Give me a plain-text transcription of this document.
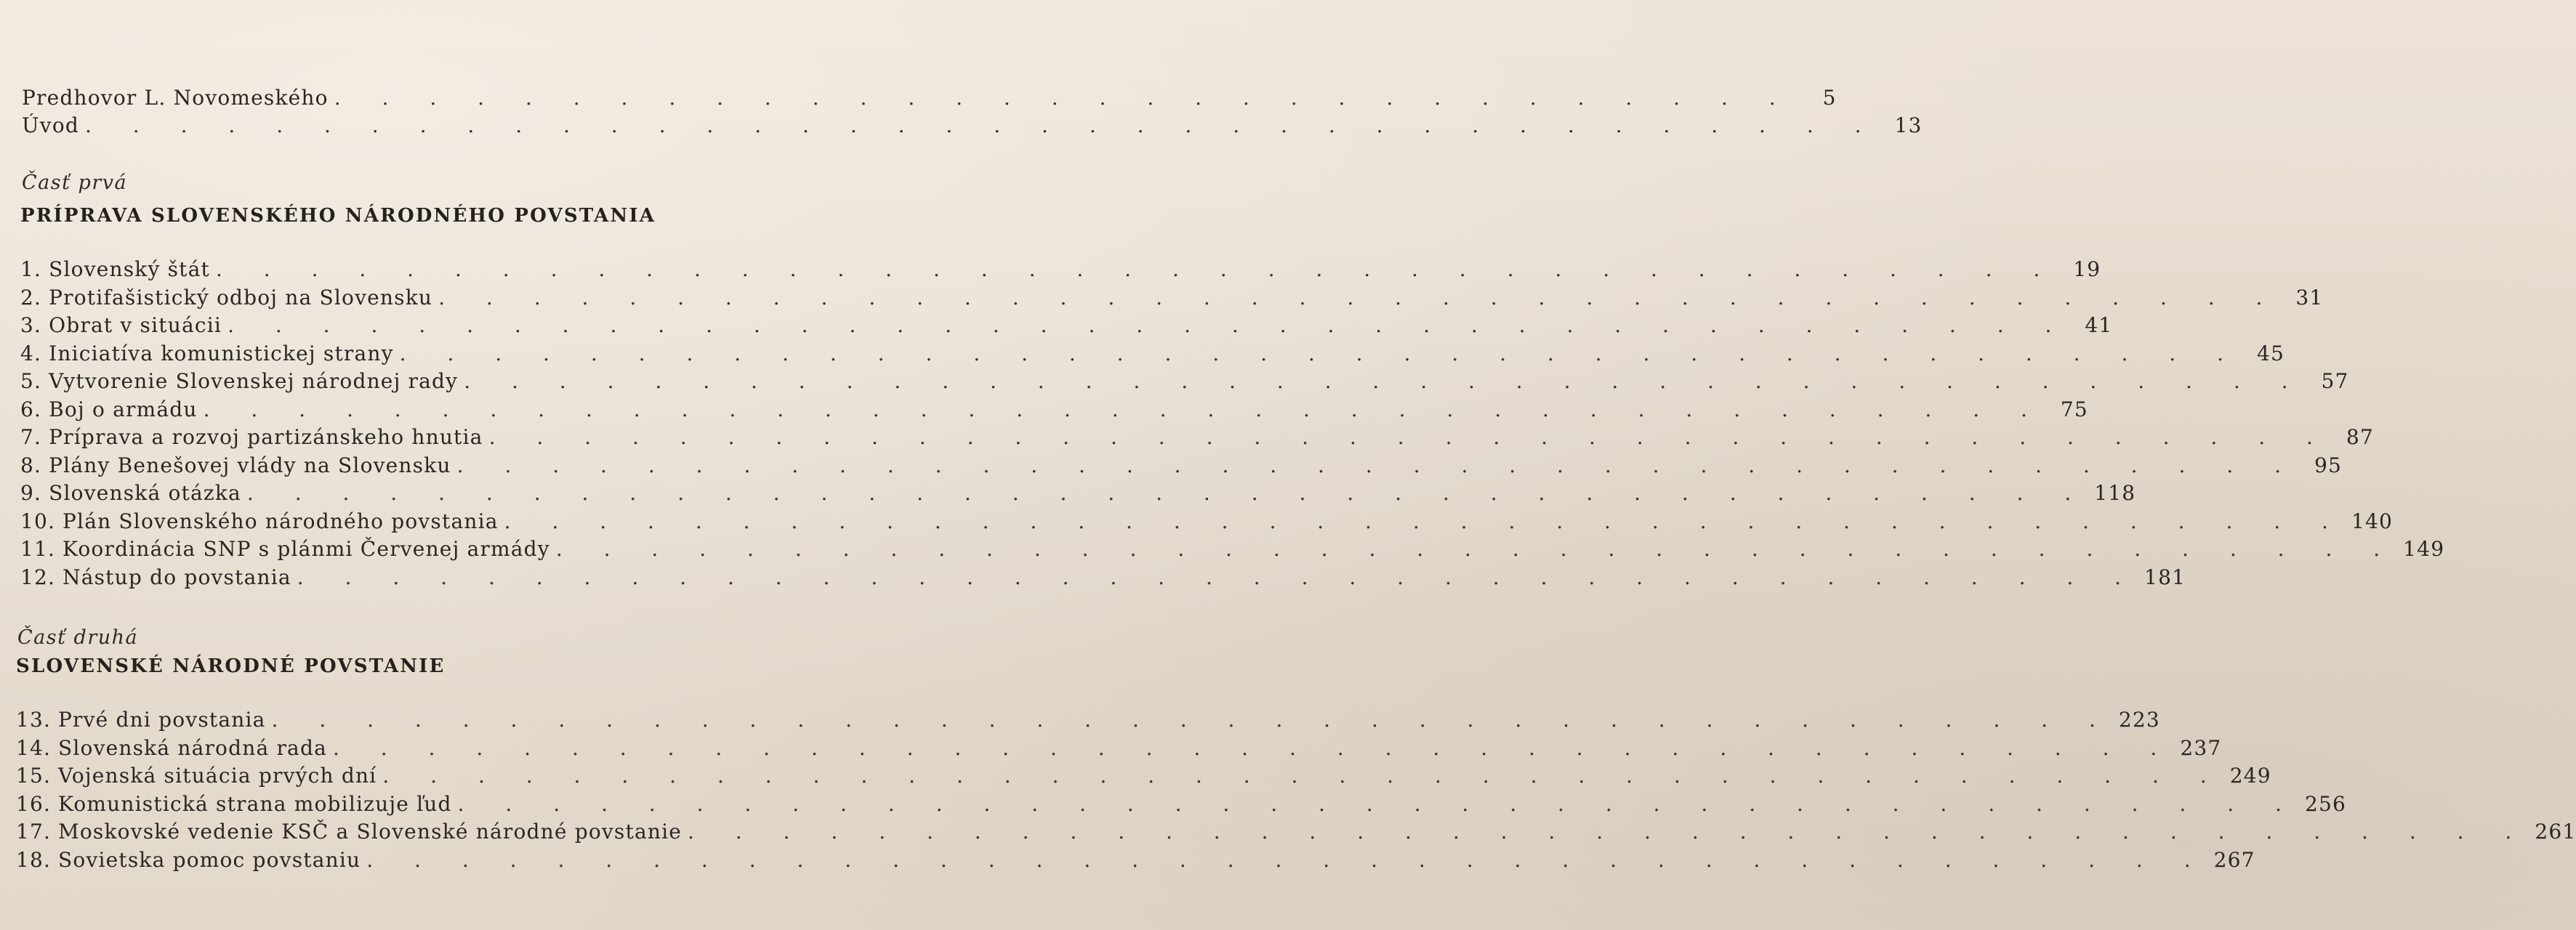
Predhovor L. Novomeského . . . . . . . . . . . . . . . . . . . . . . . . . . . . . . .	5
Úvod . . . . . . . . . . . . . . . . . . . . . . . . . . . . . . . . . . . . . . 13
Časť prvá
PRÍPRAVA SLOVENSKÉHO NÁRODNÉHO POVSTANIA
1. Slovenský štát . . . . . . . . . . . . . . . . . . . . . . . . . . . . . . . . . . . . . . . 19
2. Protifašistický odboj na Slovensku . . . . . . . . . . . . . . . . . . . . . . . . . . . . . . . . . . . . . . . 31
3. Obrat v situácii . . . . . . . . . . . . . . . . . . . . . . . . . . . . . . . . . . . . . . . 41
4. Iniciatíva komunistickej strany . . . . . . . . . . . . . . . . . . . . . . . . . . . . . . . . . . . . . . . 45
5. Vytvorenie Slovenskej národnej rady . . . . . . . . . . . . . . . . . . . . . . . . . . . . . . . . . . . . . . . 57
6. Boj o armádu . . . . . . . . . . . . . . . . . . . . . . . . . . . . . . . . . . . . . . . 75
7. Príprava a rozvoj partizánskeho hnutia . . . . . . . . . . . . . . . . . . . . . . . . . . . . . . . . . . . . . . . 87
8. Plány Benešovej vlády na Slovensku . . . . . . . . . . . . . . . . . . . . . . . . . . . . . . . . . . . . . . . 95
9. Slovenská otázka . . . . . . . . . . . . . . . . . . . . . . . . . . . . . . . . . . . . . . . 118
10. Plán Slovenského národného povstania . . . . . . . . . . . . . . . . . . . . . . . . . . . . . . . . . . . . . . . 140
11. Koordinácia SNP s plánmi Červenej armády . . . . . . . . . . . . . . . . . . . . . . . . . . . . . . . . . . . . . . . 149
12. Nástup do povstania . . . . . . . . . . . . . . . . . . . . . . . . . . . . . . . . . . . . . . . 181
Časť druhá
SLOVENSKÉ NÁRODNÉ POVSTANIE
13. Prvé dni povstania . . . . . . . . . . . . . . . . . . . . . . . . . . . . . . . . . . . . . . . 223
14. Slovenská národná rada . . . . . . . . . . . . . . . . . . . . . . . . . . . . . . . . . . . . . . . 237
15. Vojenská situácia prvých dní . . . . . . . . . . . . . . . . . . . . . . . . . . . . . . . . . . . . . . . 249
16. Komunistická strana mobilizuje ľud . . . . . . . . . . . . . . . . . . . . . . . . . . . . . . . . . . . . . . . 256
17. Moskovské vedenie KSČ a Slovenské národné povstanie . . . . . . . . . . . . . . . . . . . . . . . . . . . . . . . . . . . . . . . 261
18. Sovietska pomoc povstaniu . . . . . . . . . . . . . . . . . . . . . . . . . . . . . . . . . . . . . . . 267
